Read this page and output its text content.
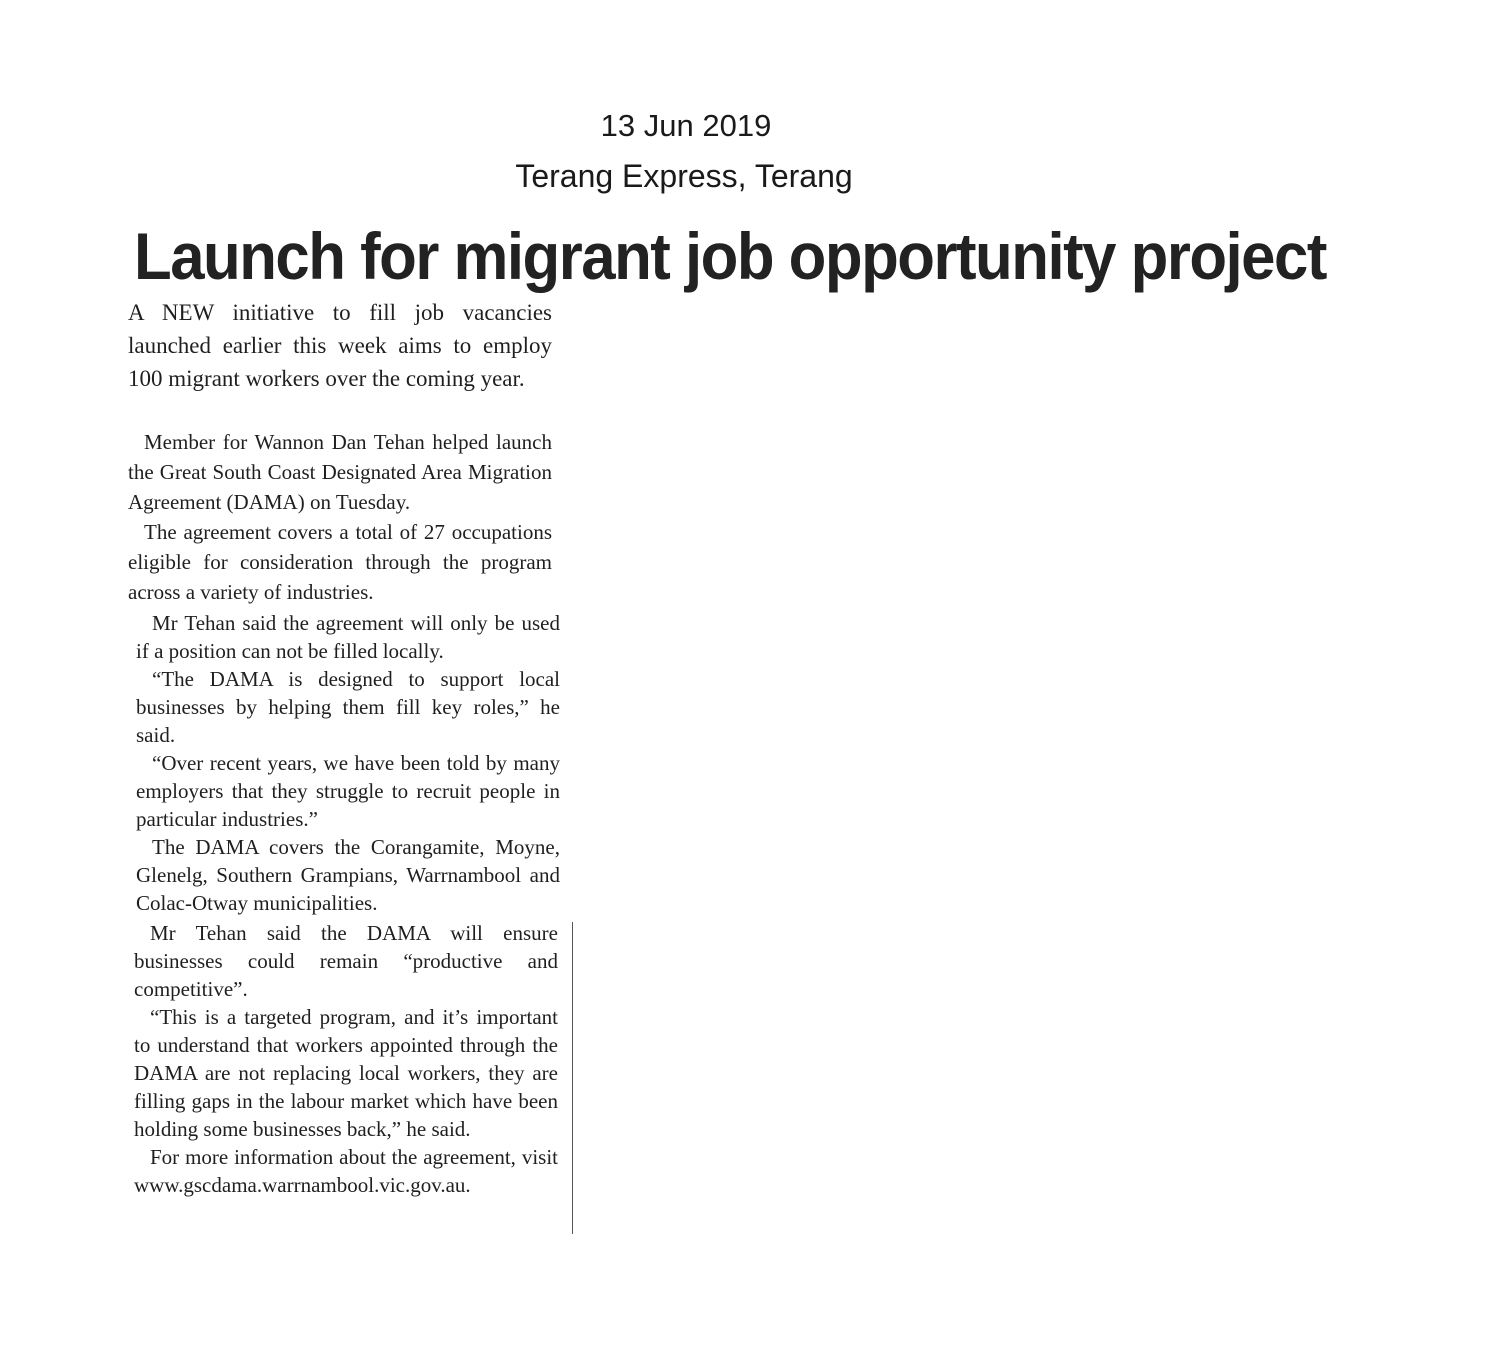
13 Jun 2019
Terang Express, Terang
Launch for migrant job opportunity project

A NEW initiative to fill job vacancies launched earlier this week aims to employ 100 migrant workers over the coming year.

Member for Wannon Dan Tehan helped launch the Great South Coast Designated Area Migration Agreement (DAMA) on Tuesday.

The agreement covers a total of 27 occupations eligible for consideration through the program across a variety of industries.

Mr Tehan said the agreement will only be used if a position can not be filled locally.

“The DAMA is designed to support local businesses by helping them fill key roles,” he said.

“Over recent years, we have been told by many employers that they struggle to recruit people in particular industries.”

The DAMA covers the Corangamite, Moyne, Glenelg, Southern Grampians, Warrnambool and Colac-Otway municipalities.

Mr Tehan said the DAMA will ensure businesses could remain “productive and competitive”.

“This is a targeted program, and it’s important to understand that workers appointed through the DAMA are not replacing local workers, they are filling gaps in the labour market which have been holding some businesses back,” he said.

For more information about the agreement, visit www.gscdama.warrnambool.vic.gov.au.
